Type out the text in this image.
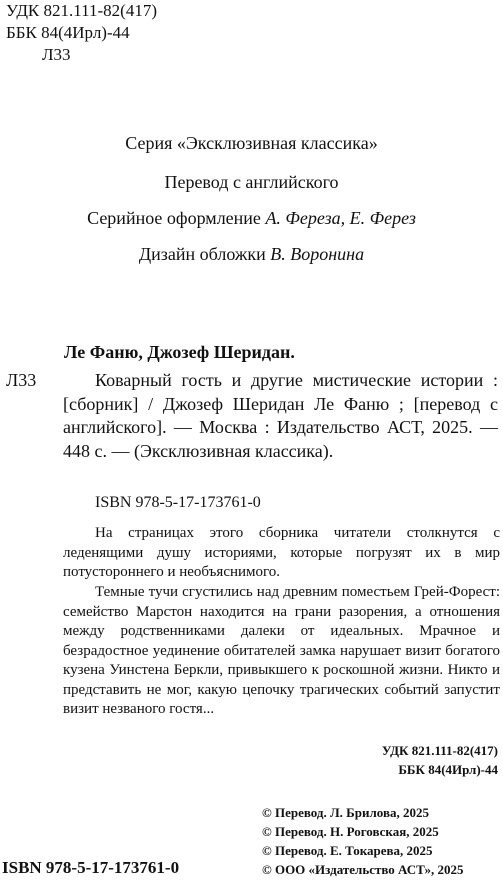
УДК 821.111-82(417)
ББК 84(4Ирл)-44
Л33
Серия «Эксклюзивная классика»
Перевод с английского
Серийное оформление А. Фереза, Е. Ферез
Дизайн обложки В. Воронина
Ле Фаню, Джозеф Шеридан.
Л33	Коварный гость и другие мистические истории : [сборник] / Джозеф Шеридан Ле Фаню ; [перевод с английского]. — Москва : Издательство АСТ, 2025. — 448 с. — (Эксклюзивная классика).

ISBN 978-5-17-173761-0

На страницах этого сборника читатели столкнутся с леденящими душу историями, которые погрузят их в мир потустороннего и необъяснимого.

Темные тучи сгустились над древним поместьем Грей-Форест: семейство Марстон находится на грани разорения, а отношения между родственниками далеки от идеальных. Мрачное и безрадостное уединение обитателей замка нарушает визит богатого кузена Уинстена Беркли, привыкшего к роскошной жизни. Никто и представить не мог, какую цепочку трагических событий запустит визит незваного гостя...

УДК 821.111-82(417)
ББК 84(4Ирл)-44
© Перевод. Л. Брилова, 2025
© Перевод. Н. Роговская, 2025
© Перевод. Е. Токарева, 2025
© ООО «Издательство АСТ», 2025
ISBN 978-5-17-173761-0
